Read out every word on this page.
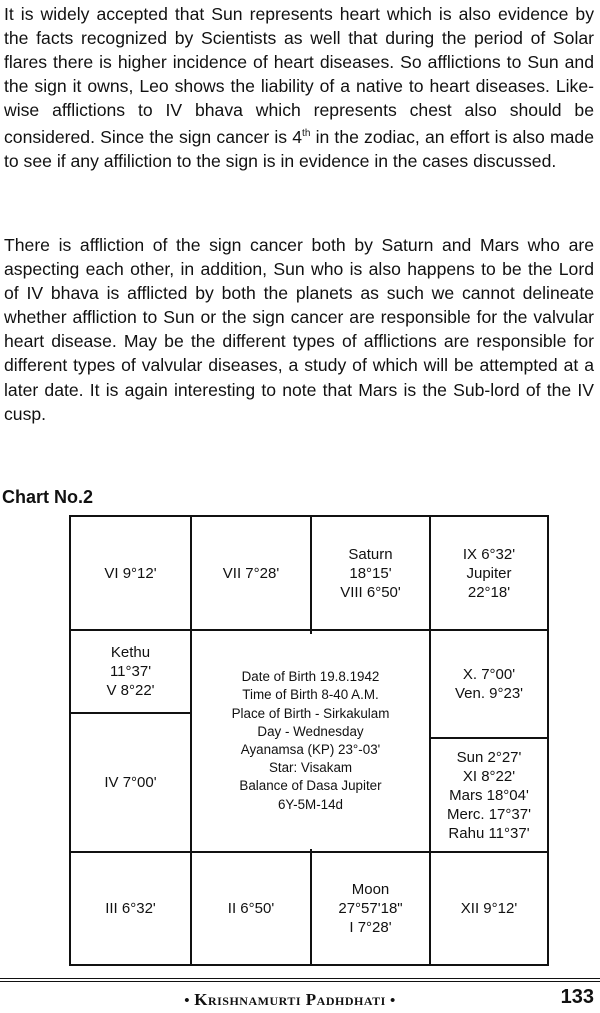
It is widely accepted that Sun represents heart which is also evidence by the facts recognized by Scientists as well that during the period of Solar flares there is higher incidence of heart diseases. So afflictions to Sun and the sign it owns, Leo shows the liability of a native to heart diseases. Like-wise afflictions to IV bhava which represents chest also should be considered. Since the sign cancer is 4th in the zodiac, an effort is also made to see if any affiliction to the sign is in evidence in the cases discussed.

There is affliction of the sign cancer both by Saturn and Mars who are aspecting each other, in addition, Sun who is also happens to be the Lord of IV bhava is afflicted by both the planets as such we cannot delineate whether affliction to Sun or the sign cancer are responsible for the valvular heart disease. May be the different types of afflictions are responsible for different types of valvular diseases, a study of which will be attempted at a later date. It is again interesting to note that Mars is the Sub-lord of the IV cusp.

Chart No.2
VI 9°12'	VII 7°28'
Saturn
18°15'
VIII 6°50'
IX 6°32'
Jupiter
22°18'
Kethu
11°37'
V 8°22'
IV 7°00'
Date of Birth 19.8.1942
Time of Birth 8-40 A.M.
Place of Birth - Sirkakulam
Day - Wednesday
Ayanamsa (KP) 23°-03'
Star: Visakam
Balance of Dasa Jupiter
6Y-5M-14d
X. 7°00'
Ven. 9°23'
Sun 2°27'
XI 8°22'
Mars 18°04'
Merc. 17°37'
Rahu 11°37'
III 6°32'	II 6°50'
Moon
27°57'18"
I 7°28'
XII 9°12'
• Krishnamurti Padhdhati •	133
